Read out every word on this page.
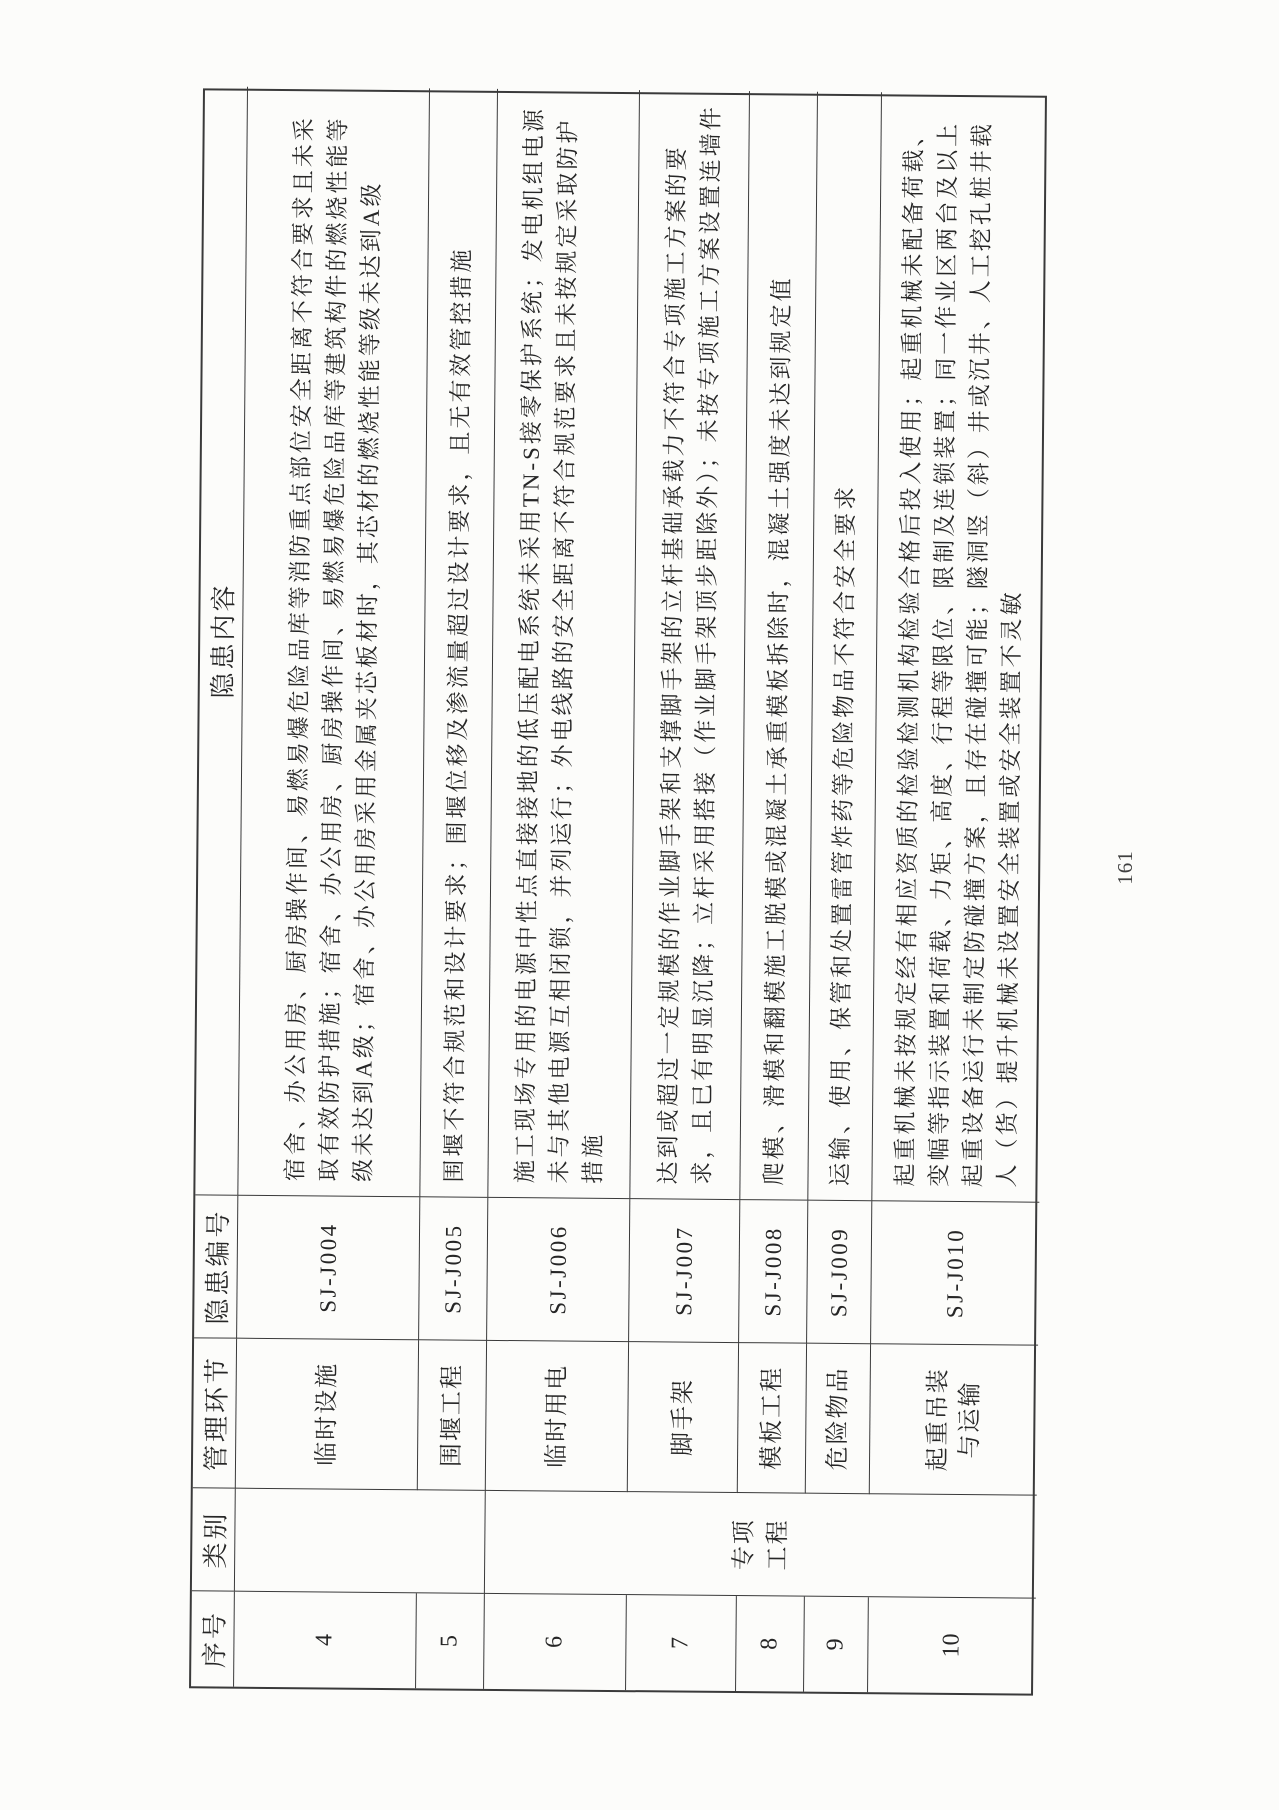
序号
类别
管理环节
隐患编号
隐患内容
专项工程
4
临时设施
SJ-J004
宿舍、办公用房、厨房操作间、易燃易爆危险品库等消防重点部位安全距离不符合要求且未采取有效防护措施；宿舍、办公用房、厨房操作间、易燃易爆危险品库等建筑构件的燃烧性能等级未达到A级；宿舍、办公用房采用金属夹芯板材时，其芯材的燃烧性能等级未达到A级
5
围堰工程
SJ-J005
围堰不符合规范和设计要求；围堰位移及渗流量超过设计要求，且无有效管控措施
6
临时用电
SJ-J006
施工现场专用的电源中性点直接接地的低压配电系统未采用TN-S接零保护系统；发电机组电源未与其他电源互相闭锁，并列运行；外电线路的安全距离不符合规范要求且未按规定采取防护措施
7
脚手架
SJ-J007
达到或超过一定规模的作业脚手架和支撑脚手架的立杆基础承载力不符合专项施工方案的要求，且已有明显沉降；立杆采用搭接（作业脚手架顶步距除外）；未按专项施工方案设置连墙件
8
模板工程
SJ-J008
爬模、滑模和翻模施工脱模或混凝土承重模板拆除时，混凝土强度未达到规定值
9
危险物品
SJ-J009
运输、使用、保管和处置雷管炸药等危险物品不符合安全要求
10
起重吊装与运输
SJ-J010
起重机械未按规定经有相应资质的检验检测机构检验合格后投入使用；起重机械未配备荷载、变幅等指示装置和荷载、力矩、高度、行程等限位、限制及连锁装置；同一作业区两台及以上起重设备运行未制定防碰撞方案，且存在碰撞可能；隧洞竖（斜）井或沉井、人工挖孔桩井载人（货）提升机械未设置安全装置或安全装置不灵敏	161
